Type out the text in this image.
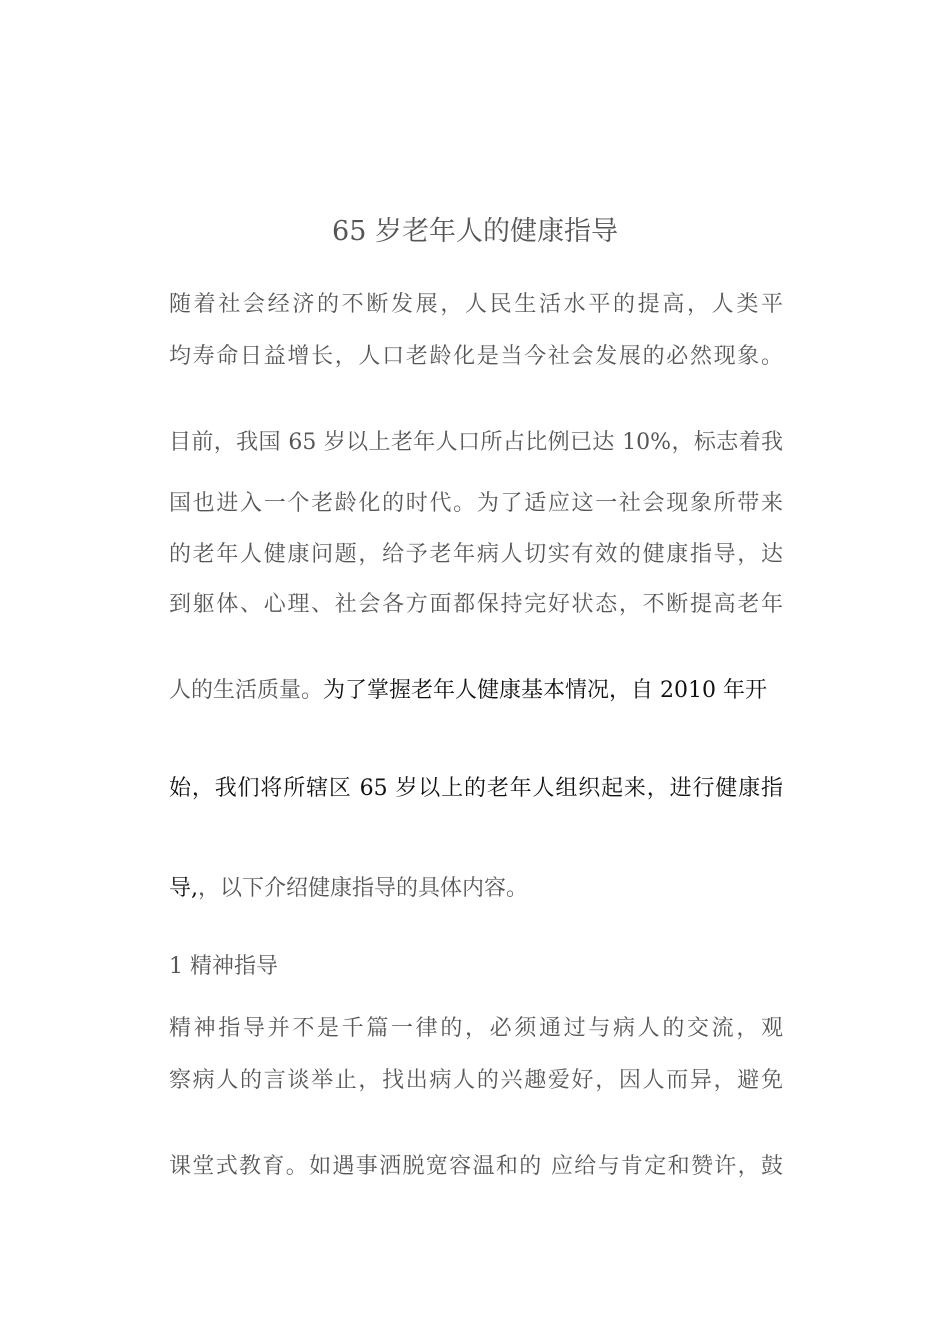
65 岁老年人的健康指导
随着社会经济的不断发展，人民生活水平的提高，人类平
均寿命日益增长，人口老龄化是当今社会发展的必然现象。
目前，我国 65 岁以上老年人口所占比例已达 10%，标志着我
国也进入一个老龄化的时代。为了适应这一社会现象所带来
的老年人健康问题，给予老年病人切实有效的健康指导，达
到躯体、心理、社会各方面都保持完好状态，不断提高老年
人的生活质量。为了掌握老年人健康基本情况，自 2010 年开
始，我们将所辖区 65 岁以上的老年人组织起来，进行健康指
导,，以下介绍健康指导的具体内容。
1 精神指导
精神指导并不是千篇一律的，必须通过与病人的交流，观
察病人的言谈举止，找出病人的兴趣爱好，因人而异，避免
课堂式教育。如遇事洒脱宽容温和的 应给与肯定和赞许，鼓
